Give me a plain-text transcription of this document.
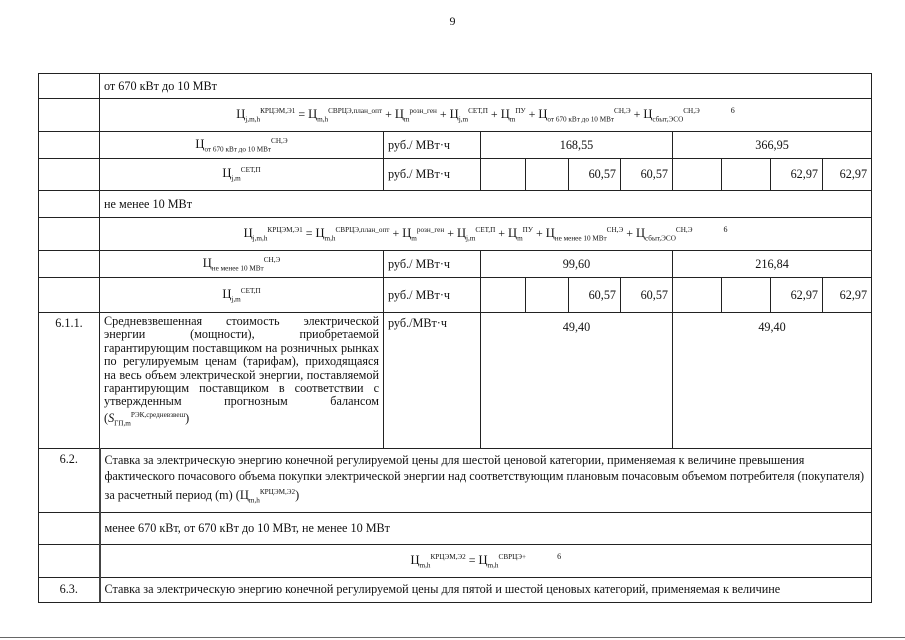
9
	от 670 кВт до 10 МВт									
	$Ц_{j,m,h}^{КРЦЭМ,Э1} = Ц_{m,h}^{СВРЦЭ,план\_опт} + Ц_m^{розн\_ген} + Ц_{j,m}^{СЕТ,П} + Ц_m^{ПУ} + Ц_{от 670 кВт до 10 МВт}^{СН,Э} + Ц_{сбыт,ЭСО}^{СН,Э}$ $^6$
	$Ц_{от 670 кВт до 10 МВт}^{СН,Э}$	руб./ МВт·ч	168,55				366,95			
	$Ц_{j,m}^{СЕТ,П}$	руб./ МВт·ч			60,57	60,57			62,97	62,97
	не менее 10 МВт									
	$Ц_{j,m,h}^{КРЦЭМ,Э1} = Ц_{m,h}^{СВРЦЭ,план\_опт} + Ц_m^{розн\_ген} + Ц_{j,m}^{СЕТ,П} + Ц_m^{ПУ} + Ц_{не менее 10 МВт}^{СН,Э} + Ц_{сбыт,ЭСО}^{СН,Э}$ $^6$
	$Ц_{не менее 10 МВт}^{СН,Э}$	руб./ МВт·ч	99,60				216,84			
	$Ц_{j,m}^{СЕТ,П}$	руб./ МВт·ч			60,57	60,57			62,97	62,97
6.1.1.	Средневзвешенная стоимость электрической энергии (мощности), приобретаемой гарантирующим поставщиком на розничных рынках по регулируемым ценам (тарифам), приходящаяся на весь объем электрической энергии, поставляемой гарантирующим поставщиком в соответствии с утвержденным прогнозным балансом $(S_{ГП,m}^{РЭК,средневзвеш})$	руб./МВт·ч	49,40				49,40			
6.2.	Ставка за электрическую энергию конечной регулируемой цены для шестой ценовой категории, применяемая к величине превышения фактического почасового объема покупки электрической энергии над соответствующим плановым почасовым объемом потребителя (покупателя) за расчетный период (m) $(Ц_{m,h}^{КРЦЭМ,Э2})$									
	менее 670 кВт, от 670 кВт до 10 МВт, не менее 10 МВт									
	$Ц_{m,h}^{КРЦЭМ,Э2} = Ц_{m,h}^{СВРЦЭ+}$ $^6$
6.3.	Ставка за электрическую энергию конечной регулируемой цены для пятой и шестой ценовых категорий, применяемая к величине									
